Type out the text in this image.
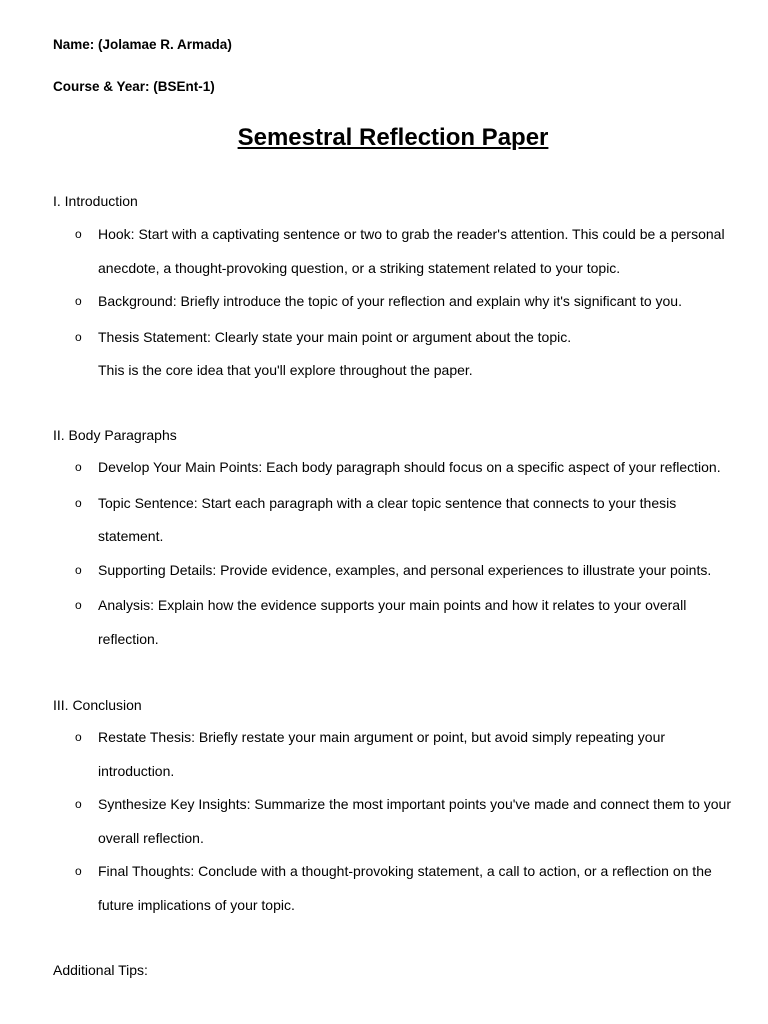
Name: (Jolamae R. Armada)
Course & Year: (BSEnt-1)
Semestral Reflection Paper
I. Introduction
o Hook: Start with a captivating sentence or two to grab the reader's attention. This could be a personal anecdote, a thought-provoking question, or a striking statement related to your topic.
o Background: Briefly introduce the topic of your reflection and explain why it's significant to you.
o Thesis Statement: Clearly state your main point or argument about the topic.
This is the core idea that you'll explore throughout the paper.
II. Body Paragraphs
o Develop Your Main Points: Each body paragraph should focus on a specific aspect of your reflection.
o Topic Sentence: Start each paragraph with a clear topic sentence that connects to your thesis statement.
o Supporting Details: Provide evidence, examples, and personal experiences to illustrate your points.
o Analysis: Explain how the evidence supports your main points and how it relates to your overall reflection.
III. Conclusion
o Restate Thesis: Briefly restate your main argument or point, but avoid simply repeating your introduction.
o Synthesize Key Insights: Summarize the most important points you've made and connect them to your overall reflection.
o Final Thoughts: Conclude with a thought-provoking statement, a call to action, or a reflection on the future implications of your topic.
Additional Tips:
